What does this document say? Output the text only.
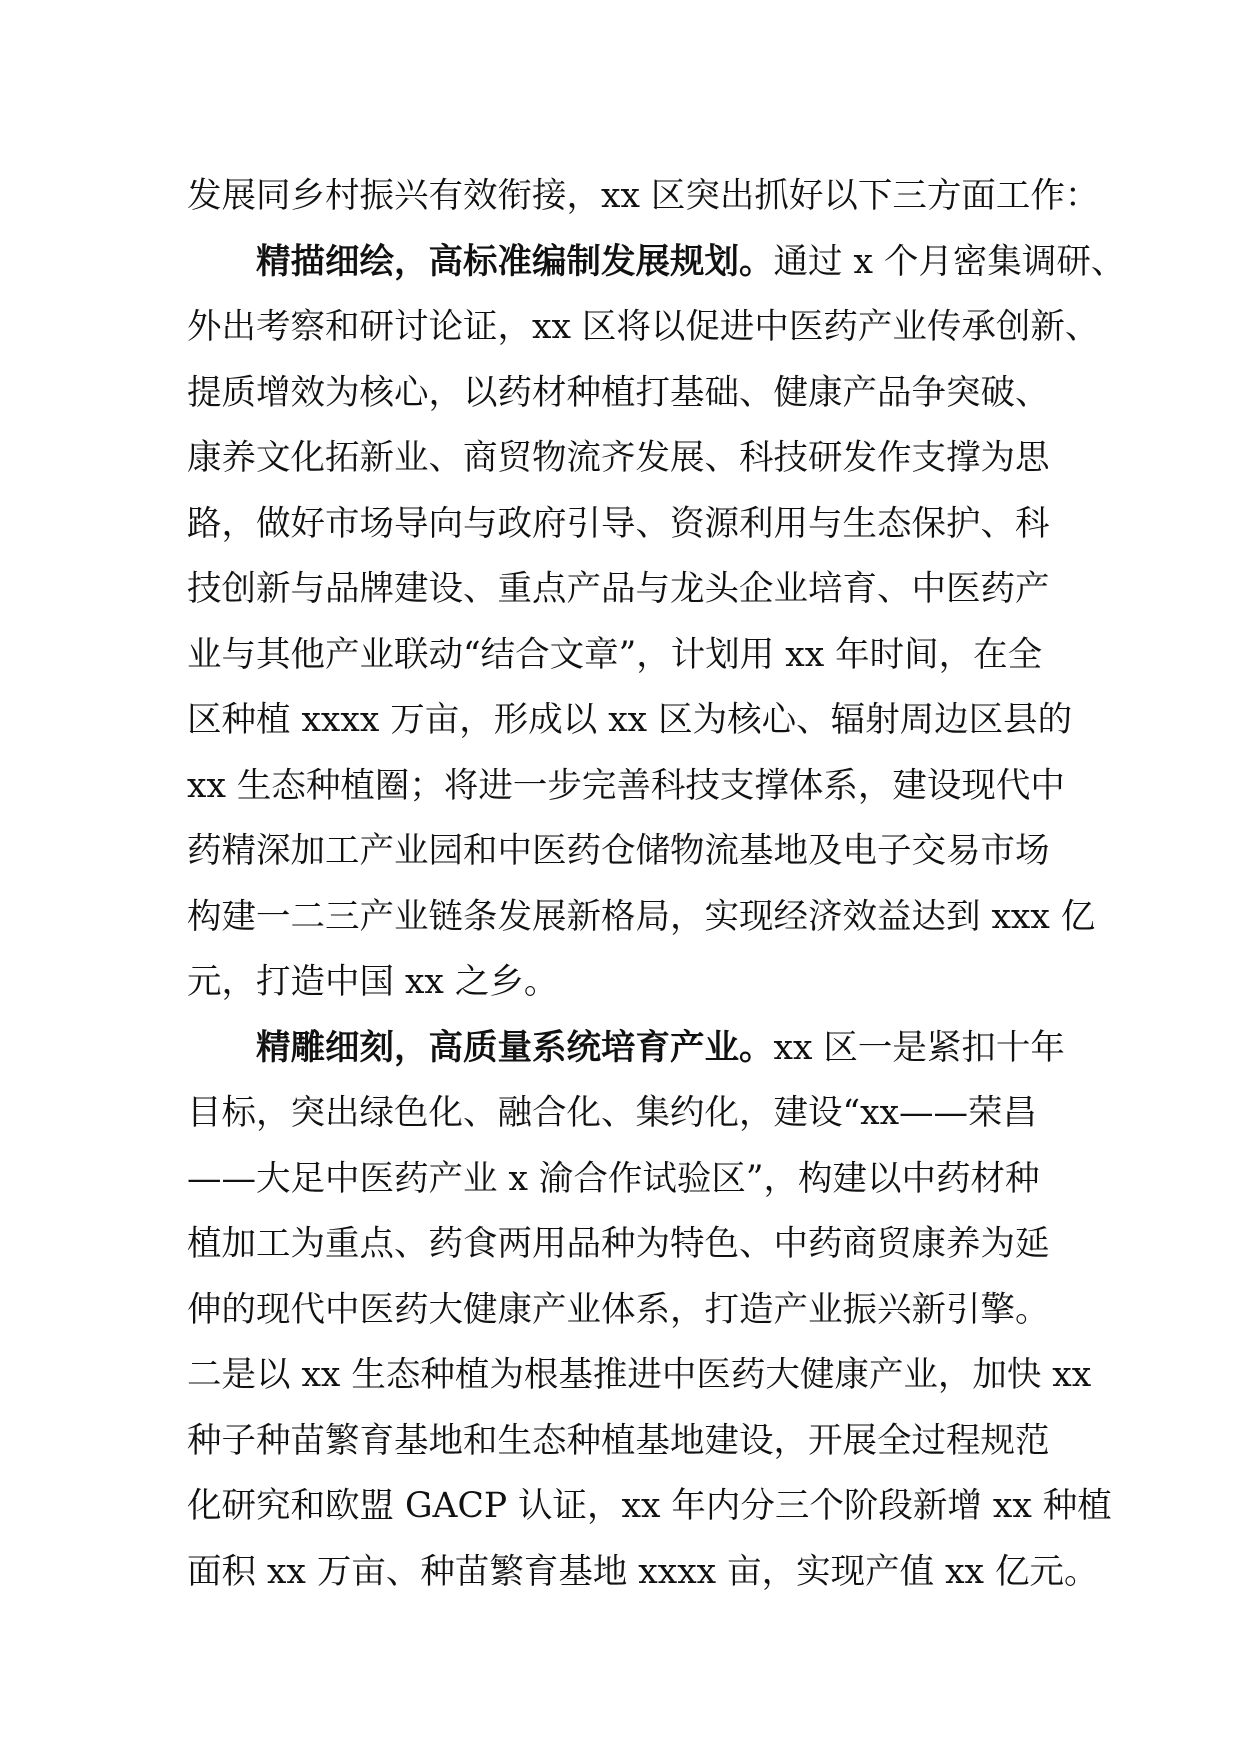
发展同乡村振兴有效衔接，xx 区突出抓好以下三方面工作：
精描细绘，高标准编制发展规划。通过 x 个月密集调研、
外出考察和研讨论证，xx 区将以促进中医药产业传承创新、
提质增效为核心，以药材种植打基础、健康产品争突破、
康养文化拓新业、商贸物流齐发展、科技研发作支撑为思
路，做好市场导向与政府引导、资源利用与生态保护、科
技创新与品牌建设、重点产品与龙头企业培育、中医药产
业与其他产业联动“结合文章”，计划用 xx 年时间，在全
区种植 xxxx 万亩，形成以 xx 区为核心、辐射周边区县的
xx 生态种植圈；将进一步完善科技支撑体系，建设现代中
药精深加工产业园和中医药仓储物流基地及电子交易市场
构建一二三产业链条发展新格局，实现经济效益达到 xxx 亿
元，打造中国 xx 之乡。
精雕细刻，高质量系统培育产业。xx 区一是紧扣十年
目标，突出绿色化、融合化、集约化，建设“xx——荣昌
——大足中医药产业 x 渝合作试验区”，构建以中药材种
植加工为重点、药食两用品种为特色、中药商贸康养为延
伸的现代中医药大健康产业体系，打造产业振兴新引擎。
二是以 xx 生态种植为根基推进中医药大健康产业，加快 xx
种子种苗繁育基地和生态种植基地建设，开展全过程规范
化研究和欧盟 GACP 认证，xx 年内分三个阶段新增 xx 种植
面积 xx 万亩、种苗繁育基地 xxxx 亩，实现产值 xx 亿元。
